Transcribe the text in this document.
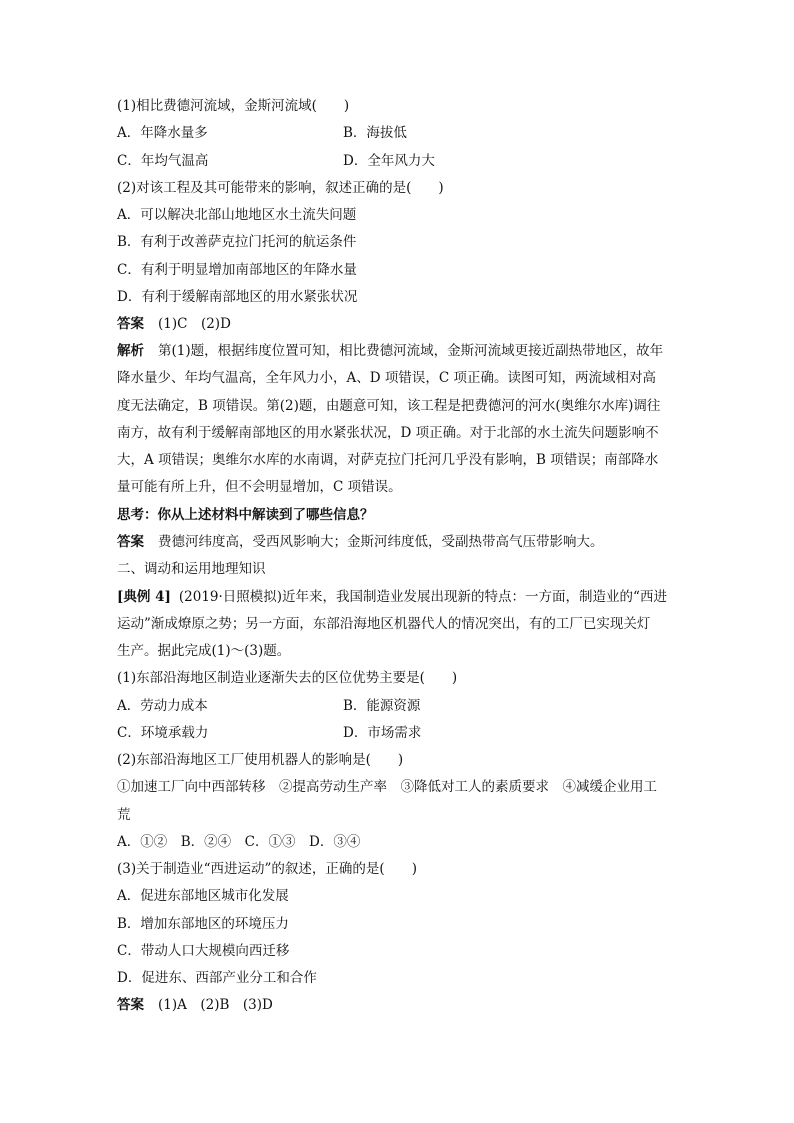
(1)相比费德河流域，金斯河流域(　　)
A．年降水量多	B．海拔低
C．年均气温高	D．全年风力大
(2)对该工程及其可能带来的影响，叙述正确的是(　　)
A．可以解决北部山地地区水土流失问题
B．有利于改善萨克拉门托河的航运条件
C．有利于明显增加南部地区的年降水量
D．有利于缓解南部地区的用水紧张状况
答案 (1)C　(2)D
解析 第(1)题，根据纬度位置可知，相比费德河流域，金斯河流域更接近副热带地区，故年
降水量少、年均气温高，全年风力小，A、D 项错误，C 项正确。读图可知，两流域相对高
度无法确定，B 项错误。第(2)题，由题意可知，该工程是把费德河的河水(奥维尔水库)调往
南方，故有利于缓解南部地区的用水紧张状况，D 项正确。对于北部的水土流失问题影响不
大，A 项错误；奥维尔水库的水南调，对萨克拉门托河几乎没有影响，B 项错误；南部降水
量可能有所上升，但不会明显增加，C 项错误。
思考：你从上述材料中解读到了哪些信息？
答案 费德河纬度高，受西风影响大；金斯河纬度低，受副热带高气压带影响大。
二、调动和运用地理知识
[典例 4] (2019·日照模拟)近年来，我国制造业发展出现新的特点：一方面，制造业的“西进
运动”渐成燎原之势；另一方面，东部沿海地区机器代人的情况突出，有的工厂已实现关灯
生产。据此完成(1)～(3)题。
(1)东部沿海地区制造业逐渐失去的区位优势主要是(　　)
A．劳动力成本	B．能源资源
C．环境承载力	D．市场需求
(2)东部沿海地区工厂使用机器人的影响是(　　)
①加速工厂向中西部转移　②提高劳动生产率　③降低对工人的素质要求　④减缓企业用工
荒
A．①②　B．②④　C．①③　D．③④
(3)关于制造业“西进运动”的叙述，正确的是(　　)
A．促进东部地区城市化发展
B．增加东部地区的环境压力
C．带动人口大规模向西迁移
D．促进东、西部产业分工和合作
答案 (1)A　(2)B　(3)D
